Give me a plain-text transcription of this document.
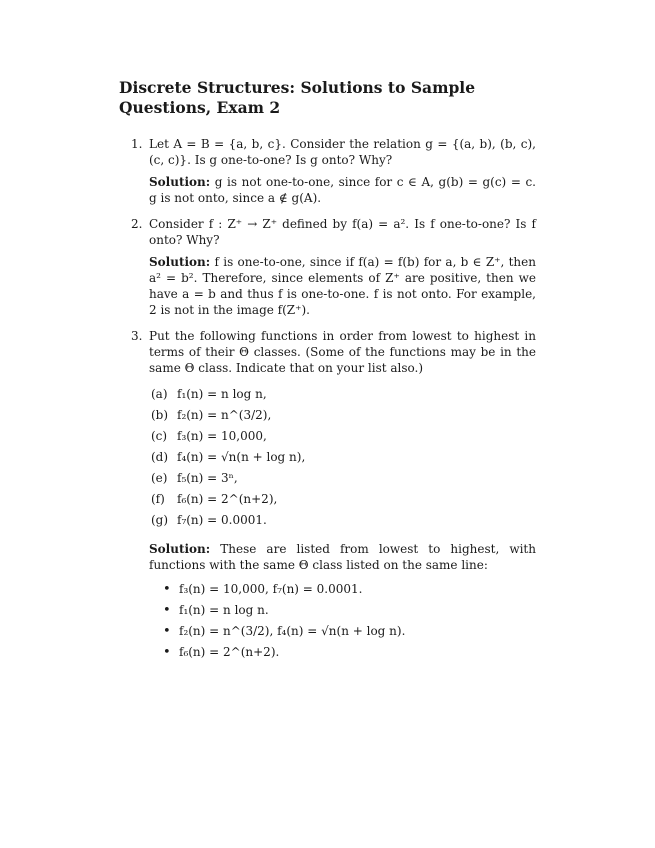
Discrete Structures: Solutions to Sample Questions, Exam 2
1. Let A = B = {a, b, c}. Consider the relation g = {(a, b), (b, c), (c, c)}. Is g one-to-one? Is g onto? Why?
Solution: g is not one-to-one, since for c ∈ A, g(b) = g(c) = c. g is not onto, since a ∉ g(A).
2. Consider f : Z⁺ → Z⁺ defined by f(a) = a². Is f one-to-one? Is f onto? Why?
Solution: f is one-to-one, since if f(a) = f(b) for a, b ∈ Z⁺, then a² = b². Therefore, since elements of Z⁺ are positive, then we have a = b and thus f is one-to-one. f is not onto. For example, 2 is not in the image f(Z⁺).
3. Put the following functions in order from lowest to highest in terms of their Θ classes. (Some of the functions may be in the same Θ class. Indicate that on your list also.)
(a) f₁(n) = n log n,
(b) f₂(n) = n^(3/2),
(c) f₃(n) = 10,000,
(d) f₄(n) = √n(n + log n),
(e) f₅(n) = 3ⁿ,
(f) f₆(n) = 2^(n+2),
(g) f₇(n) = 0.0001.
Solution: These are listed from lowest to highest, with functions with the same Θ class listed on the same line:
• f₃(n) = 10,000, f₇(n) = 0.0001.
• f₁(n) = n log n.
• f₂(n) = n^(3/2), f₄(n) = √n(n + log n).
• f₆(n) = 2^(n+2).
